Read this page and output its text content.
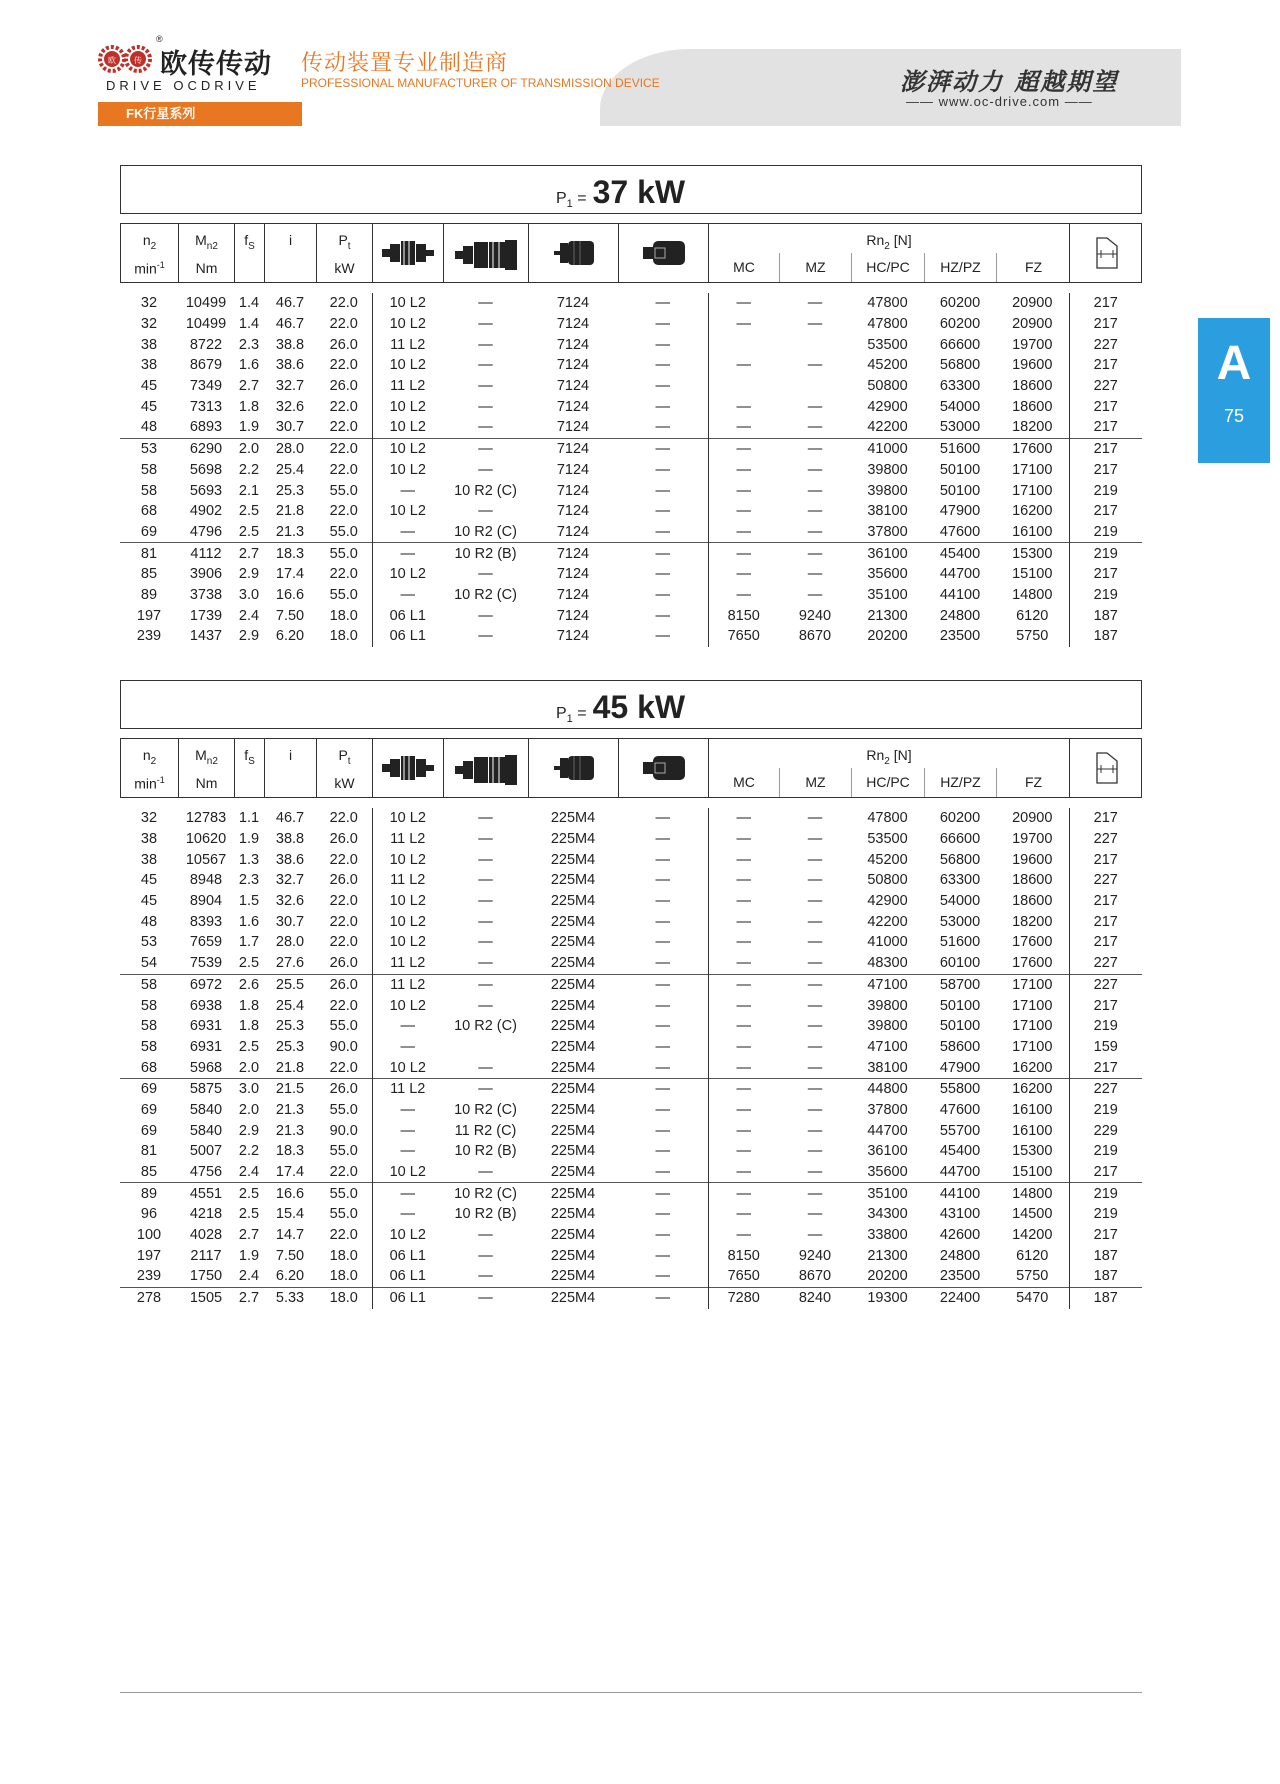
欧 传
®
欧传传动
DRIVE OCDRIVE
传动装置专业制造商
PROFESSIONAL MANUFACTURER OF TRANSMISSION DEVICE	澎湃动力 超越期望
—— www.oc-drive.com ——
FK行星系列
A
75
$P_1 = 37$ kW
$n_2$
$\min^{-1}$
$M_{n2}$
Nm
$f_S$	i	$P_t$
kW
$Rn_2$ [N]
MC	MZ	HC/PC	HZ/PZ	FZ
32	10499	1.4	46.7	22.0	10 L2	—	7124	—	—	—	47800	60200	20900	217
32	10499	1.4	46.7	22.0	10 L2	—	7124	—	—	—	47800	60200	20900	217
38	8722	2.3	38.8	26.0	11 L2	—	7124	—			53500	66600	19700	227
38	8679	1.6	38.6	22.0	10 L2	—	7124	—	—	—	45200	56800	19600	217
45	7349	2.7	32.7	26.0	11 L2	—	7124	—			50800	63300	18600	227
45	7313	1.8	32.6	22.0	10 L2	—	7124	—	—	—	42900	54000	18600	217
48	6893	1.9	30.7	22.0	10 L2	—	7124	—	—	—	42200	53000	18200	217
53	6290	2.0	28.0	22.0	10 L2	—	7124	—	—	—	41000	51600	17600	217
58	5698	2.2	25.4	22.0	10 L2	—	7124	—	—	—	39800	50100	17100	217
58	5693	2.1	25.3	55.0	—	10 R2 (C)	7124	—	—	—	39800	50100	17100	219
68	4902	2.5	21.8	22.0	10 L2	—	7124	—	—	—	38100	47900	16200	217
69	4796	2.5	21.3	55.0	—	10 R2 (C)	7124	—	—	—	37800	47600	16100	219
81	4112	2.7	18.3	55.0	—	10 R2 (B)	7124	—	—	—	36100	45400	15300	219
85	3906	2.9	17.4	22.0	10 L2	—	7124	—	—	—	35600	44700	15100	217
89	3738	3.0	16.6	55.0	—	10 R2 (C)	7124	—	—	—	35100	44100	14800	219
197	1739	2.4	7.50	18.0	06 L1	—	7124	—	8150	9240	21300	24800	6120	187
239	1437	2.9	6.20	18.0	06 L1	—	7124	—	7650	8670	20200	23500	5750	187
$P_1 = 45$ kW
$n_2$
$\min^{-1}$
$M_{n2}$
Nm
$f_S$	i	$P_t$
kW
$Rn_2$ [N]
MC	MZ	HC/PC	HZ/PZ	FZ
32	12783	1.1	46.7	22.0	10 L2	—	225M4	—	—	—	47800	60200	20900	217
38	10620	1.9	38.8	26.0	11 L2	—	225M4	—	—	—	53500	66600	19700	227
38	10567	1.3	38.6	22.0	10 L2	—	225M4	—	—	—	45200	56800	19600	217
45	8948	2.3	32.7	26.0	11 L2	—	225M4	—	—	—	50800	63300	18600	227
45	8904	1.5	32.6	22.0	10 L2	—	225M4	—	—	—	42900	54000	18600	217
48	8393	1.6	30.7	22.0	10 L2	—	225M4	—	—	—	42200	53000	18200	217
53	7659	1.7	28.0	22.0	10 L2	—	225M4	—	—	—	41000	51600	17600	217
54	7539	2.5	27.6	26.0	11 L2	—	225M4	—	—	—	48300	60100	17600	227
58	6972	2.6	25.5	26.0	11 L2	—	225M4	—	—	—	47100	58700	17100	227
58	6938	1.8	25.4	22.0	10 L2	—	225M4	—	—	—	39800	50100	17100	217
58	6931	1.8	25.3	55.0	—	10 R2 (C)	225M4	—	—	—	39800	50100	17100	219
58	6931	2.5	25.3	90.0	—		225M4	—	—	—	47100	58600	17100	159
68	5968	2.0	21.8	22.0	10 L2	—	225M4	—	—	—	38100	47900	16200	217
69	5875	3.0	21.5	26.0	11 L2	—	225M4	—	—	—	44800	55800	16200	227
69	5840	2.0	21.3	55.0	—	10 R2 (C)	225M4	—	—	—	37800	47600	16100	219
69	5840	2.9	21.3	90.0	—	11 R2 (C)	225M4	—	—	—	44700	55700	16100	229
81	5007	2.2	18.3	55.0	—	10 R2 (B)	225M4	—	—	—	36100	45400	15300	219
85	4756	2.4	17.4	22.0	10 L2	—	225M4	—	—	—	35600	44700	15100	217
89	4551	2.5	16.6	55.0	—	10 R2 (C)	225M4	—	—	—	35100	44100	14800	219
96	4218	2.5	15.4	55.0	—	10 R2 (B)	225M4	—	—	—	34300	43100	14500	219
100	4028	2.7	14.7	22.0	10 L2	—	225M4	—	—	—	33800	42600	14200	217
197	2117	1.9	7.50	18.0	06 L1	—	225M4	—	8150	9240	21300	24800	6120	187
239	1750	2.4	6.20	18.0	06 L1	—	225M4	—	7650	8670	20200	23500	5750	187
278	1505	2.7	5.33	18.0	06 L1	—	225M4	—	7280	8240	19300	22400	5470	187
